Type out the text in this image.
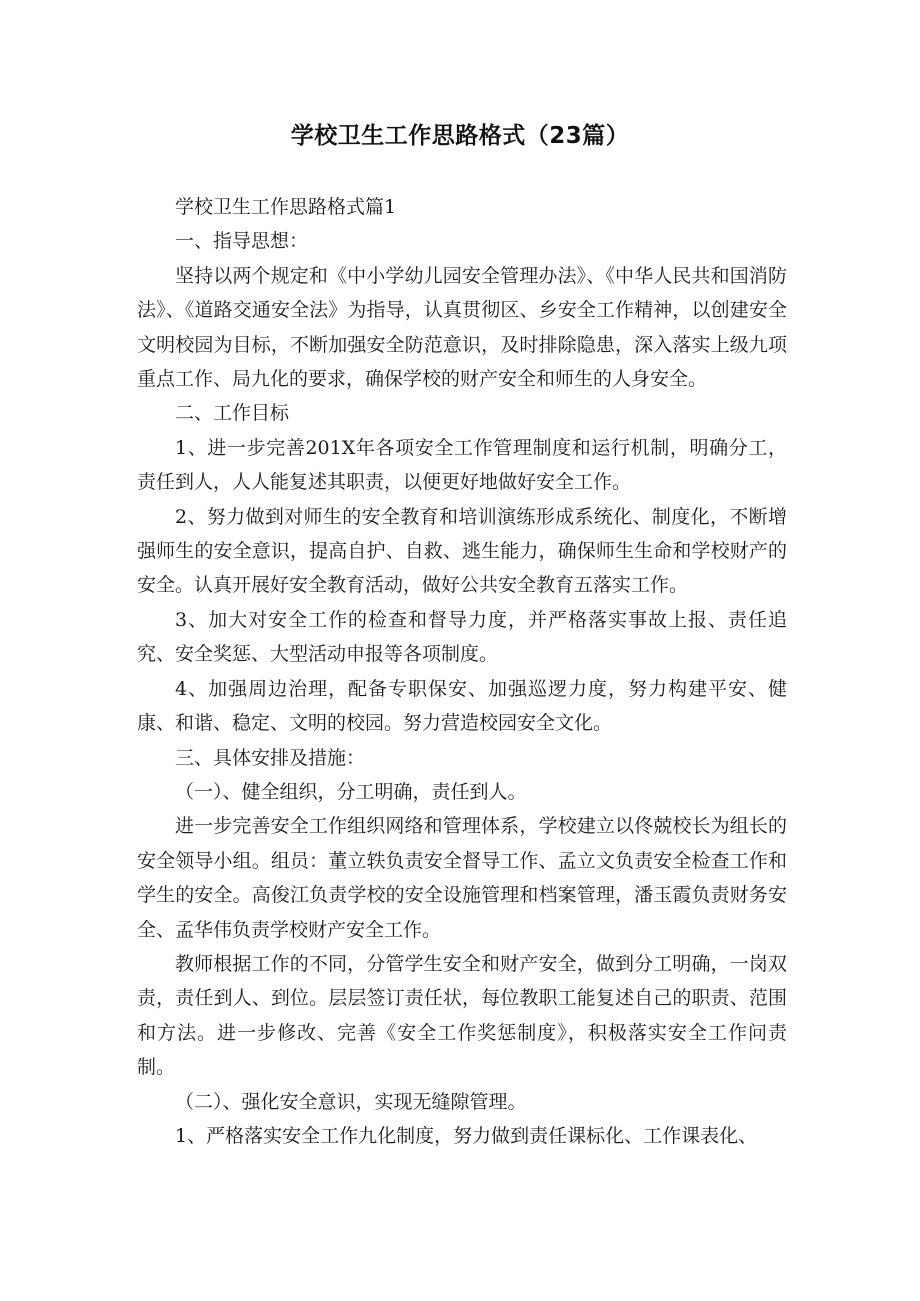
学校卫生工作思路格式（23篇）

学校卫生工作思路格式篇1

一、指导思想：

坚持以两个规定和《中小学幼儿园安全管理办法》、《中华人民共和国消防法》、《道路交通安全法》为指导，认真贯彻区、乡安全工作精神，以创建安全文明校园为目标，不断加强安全防范意识，及时排除隐患，深入落实上级九项重点工作、局九化的要求，确保学校的财产安全和师生的人身安全。

二、工作目标

1、进一步完善201X年各项安全工作管理制度和运行机制，明确分工，责任到人，人人能复述其职责，以便更好地做好安全工作。

2、努力做到对师生的安全教育和培训演练形成系统化、制度化，不断增强师生的安全意识，提高自护、自救、逃生能力，确保师生生命和学校财产的安全。认真开展好安全教育活动，做好公共安全教育五落实工作。

3、加大对安全工作的检查和督导力度，并严格落实事故上报、责任追究、安全奖惩、大型活动申报等各项制度。

4、加强周边治理，配备专职保安、加强巡逻力度，努力构建平安、健康、和谐、稳定、文明的校园。努力营造校园安全文化。

三、具体安排及措施：

（一）、健全组织，分工明确，责任到人。

进一步完善安全工作组织网络和管理体系，学校建立以佟兢校长为组长的安全领导小组。组员：董立轶负责安全督导工作、孟立文负责安全检查工作和学生的安全。高俊江负责学校的安全设施管理和档案管理，潘玉霞负责财务安全、孟华伟负责学校财产安全工作。

教师根据工作的不同，分管学生安全和财产安全，做到分工明确，一岗双责，责任到人、到位。层层签订责任状，每位教职工能复述自己的职责、范围和方法。进一步修改、完善《安全工作奖惩制度》，积极落实安全工作问责制。

（二）、强化安全意识，实现无缝隙管理。

1、严格落实安全工作九化制度，努力做到责任课标化、工作课表化、
